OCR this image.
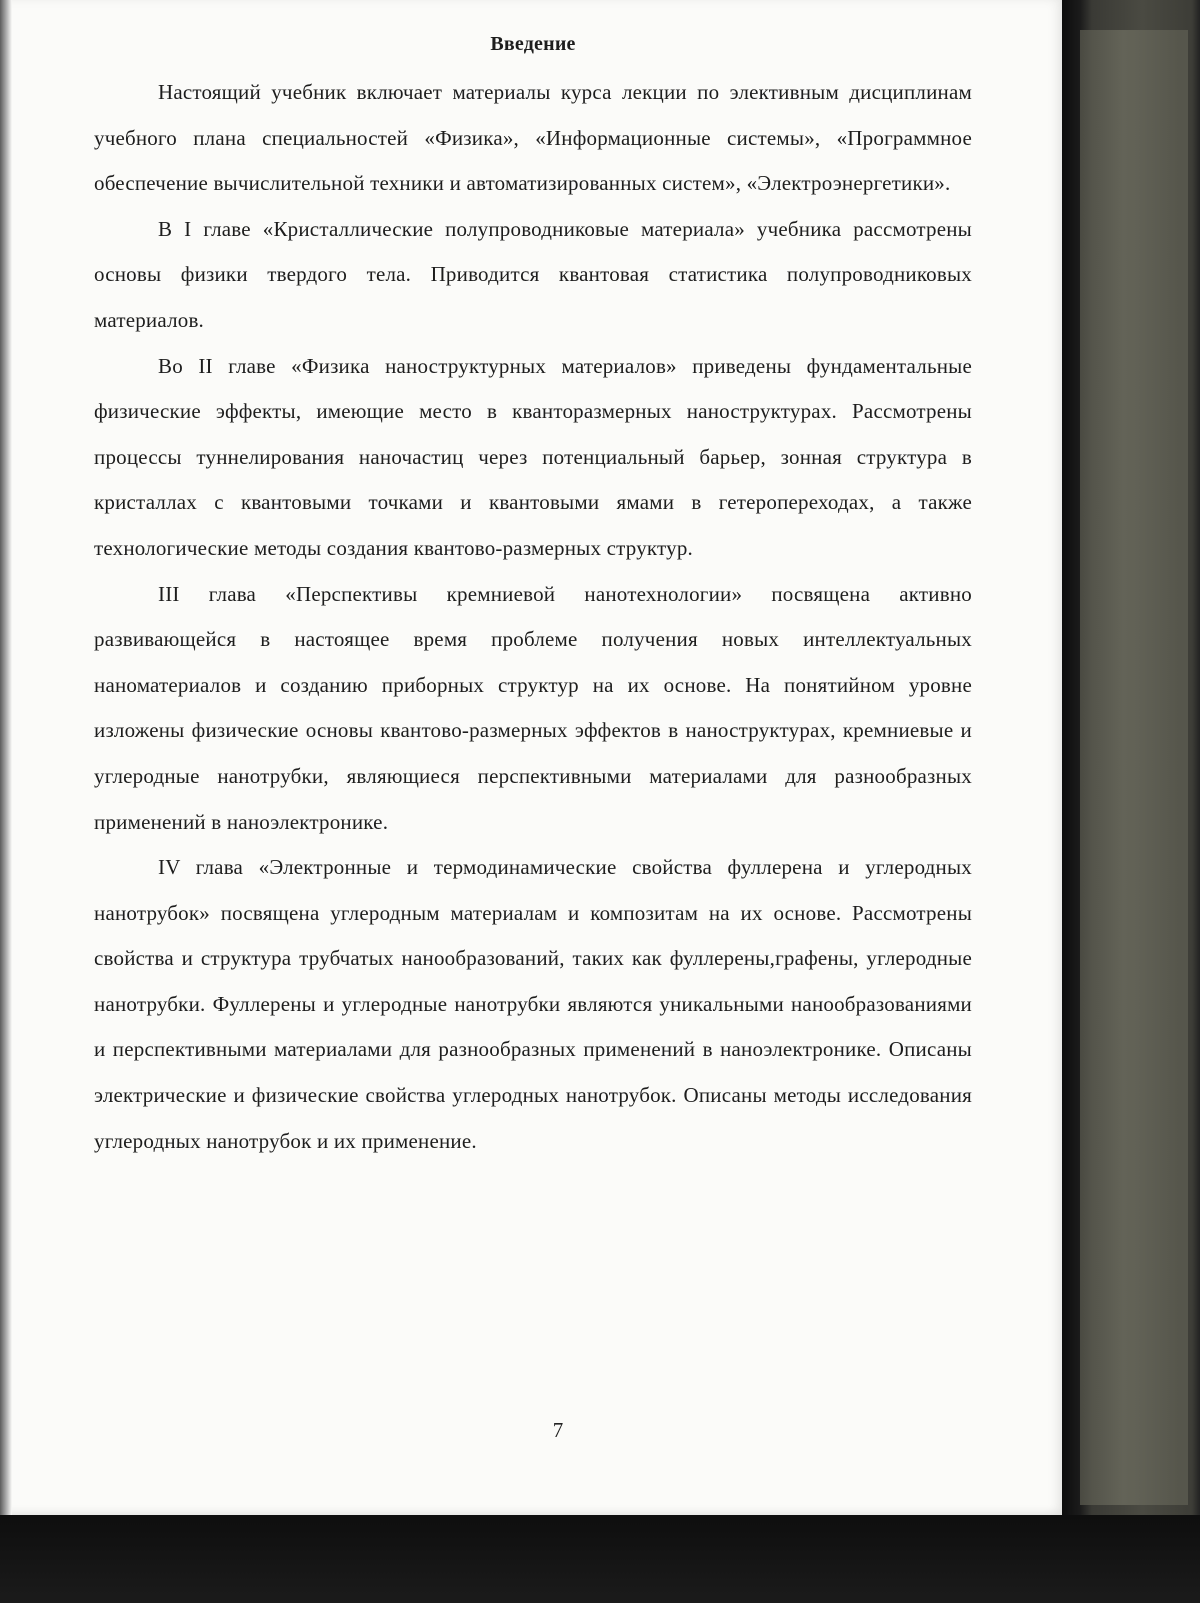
Введение

Настоящий учебник включает материалы курса лекции по элективным дисциплинам учебного плана специальностей «Физика», «Информационные системы», «Программное обеспечение вычислительной техники и автоматизированных систем», «Электроэнергетики».

В I главе «Кристаллические полупроводниковые материала» учебника рассмотрены основы физики твердого тела. Приводится квантовая статистика полупроводниковых материалов.

Во II главе «Физика наноструктурных материалов» приведены фундаментальные физические эффекты, имеющие место в кванторазмерных наноструктурах. Рассмотрены процессы туннелирования наночастиц через потенциальный барьер, зонная структура в кристаллах с квантовыми точками и квантовыми ямами в гетеропереходах, а также технологические методы создания квантово-размерных структур.

III глава «Перспективы кремниевой нанотехнологии» посвящена активно развивающейся в настоящее время проблеме получения новых интеллектуальных наноматериалов и созданию приборных структур на их основе. На понятийном уровне изложены физические основы квантово-размерных эффектов в наноструктурах, кремниевые и углеродные нанотрубки, являющиеся перспективными материалами для разнообразных применений в наноэлектронике.

IV глава «Электронные и термодинамические свойства фуллерена и углеродных нанотрубок» посвящена углеродным материалам и композитам на их основе. Рассмотрены свойства и структура трубчатых нанообразований, таких как фуллерены,графены, углеродные нанотрубки. Фуллерены и углеродные нанотрубки являются уникальными нанообразованиями и перспективными материалами для разнообразных применений в наноэлектронике. Описаны электрические и физические свойства углеродных нанотрубок. Описаны методы исследования углеродных нанотрубок и их применение.

7
